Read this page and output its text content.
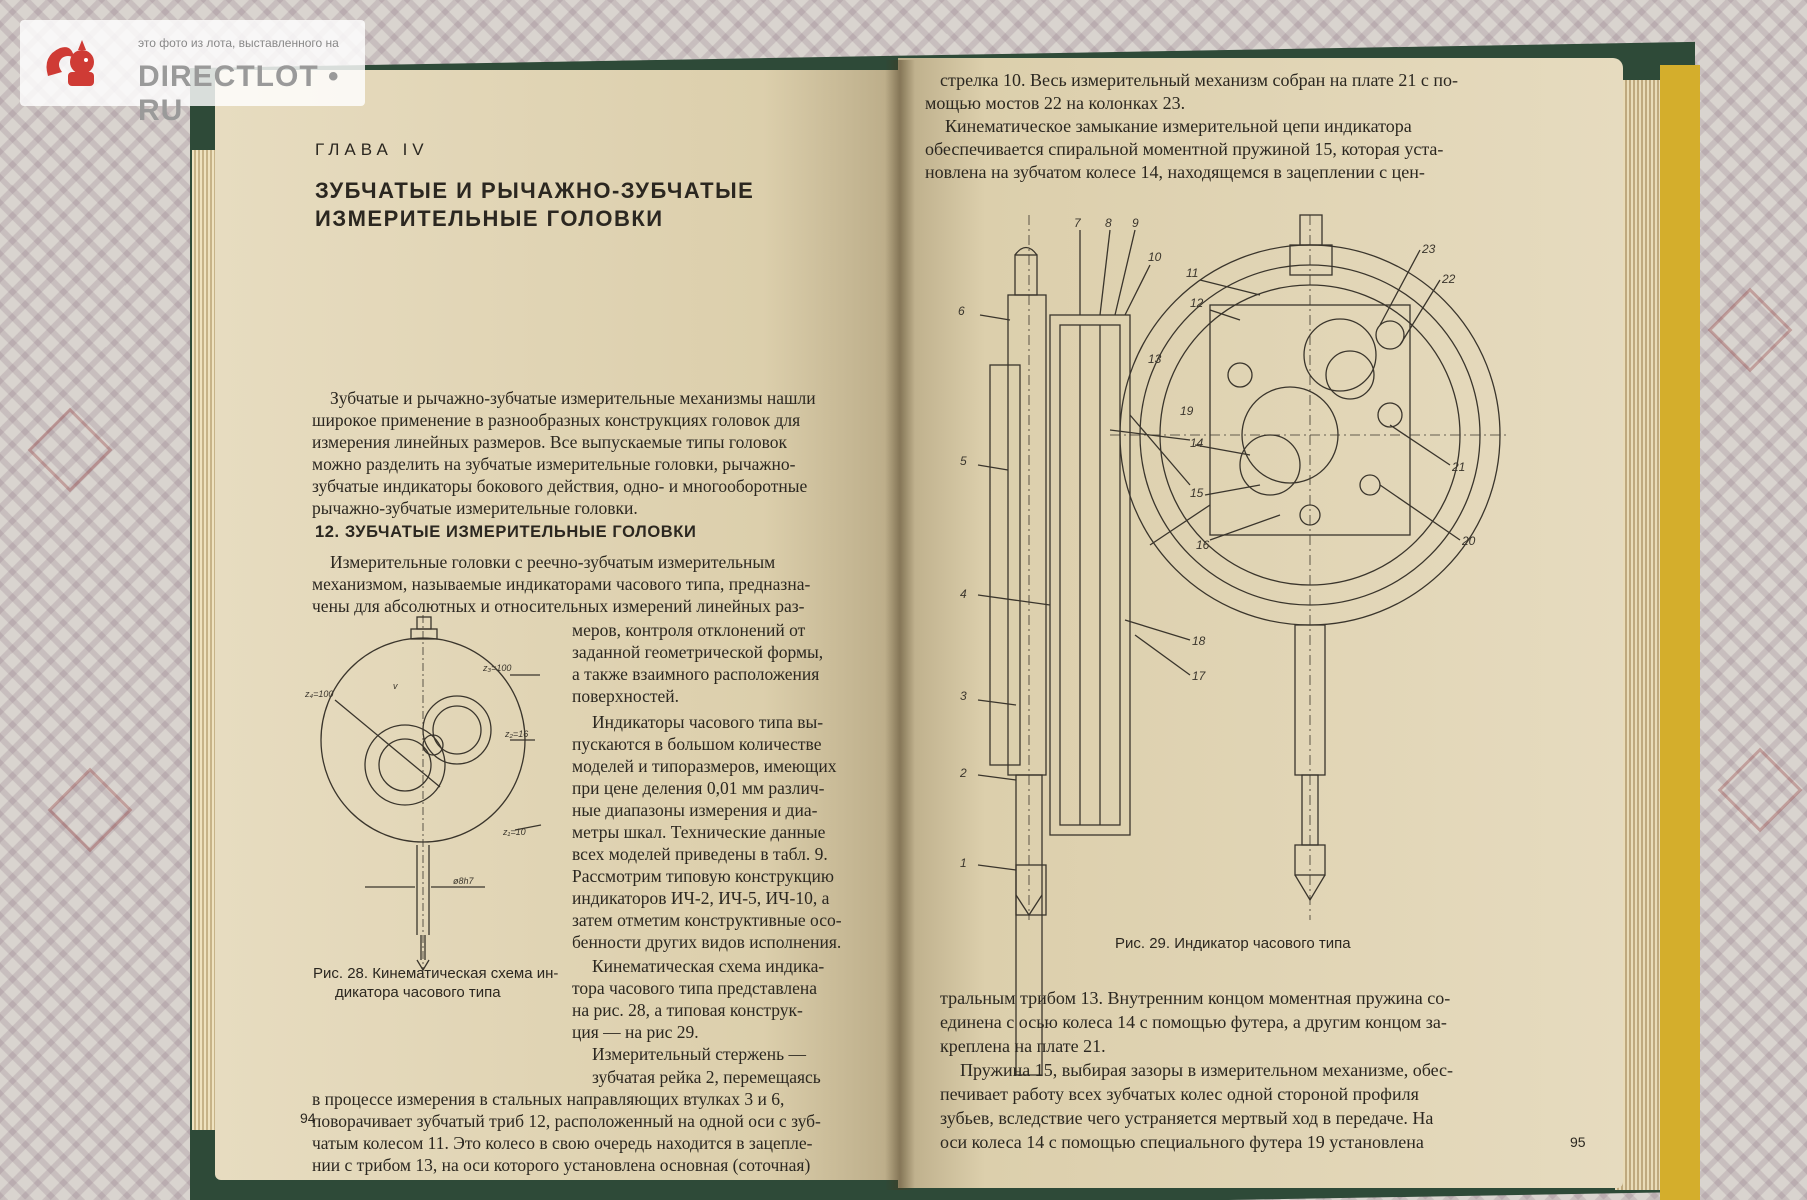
ГЛАВА IV
ЗУБЧАТЫЕ И РЫЧАЖНО-ЗУБЧАТЫЕ
ИЗМЕРИТЕЛЬНЫЕ ГОЛОВКИ
Зубчатые и рычажно-зубчатые измерительные механизмы нашли
широкое применение в разнообразных конструкциях головок для
измерения линейных размеров. Все выпускаемые типы головок
можно разделить на зубчатые измерительные головки, рычажно-
зубчатые индикаторы бокового действия, одно- и многооборотные
рычажно-зубчатые измерительные головки.
12. ЗУБЧАТЫЕ ИЗМЕРИТЕЛЬНЫЕ ГОЛОВКИ
Измерительные головки с реечно-зубчатым измерительным
механизмом, называемые индикаторами часового типа, предназна-
чены для абсолютных и относительных измерений линейных раз-
меров, контроля отклонений от
заданной геометрической формы,
а также взаимного расположения
поверхностей.
Индикаторы часового типа вы-
пускаются в большом количестве
моделей и типоразмеров, имеющих
при цене деления 0,01 мм различ-
ные диапазоны измерения и диа-
метры шкал. Технические данные
всех моделей приведены в табл. 9.
Рассмотрим типовую конструкцию
индикаторов ИЧ-2, ИЧ-5, ИЧ-10, а
затем отметим конструктивные осо-
бенности других видов исполнения.
Кинематическая схема индика-
тора часового типа представлена
на рис. 28, а типовая конструк-
ция — на рис 29.
Измерительный стержень —
z₃=100
z₄=100
z₂=16
z₁=10
v
ø8h7
Рис. 28. Кинематическая схема ин-
дикатора часового типа
зубчатая рейка 2, перемещаясь
в процессе измерения в стальных направляющих втулках 3 и 6,
поворачивает зубчатый триб 12, расположенный на одной оси с зуб-
чатым колесом 11. Это колесо в свою очередь находится в зацепле-
нии с трибом 13, на оси которого установлена основная (соточная)
94
стрелка 10. Весь измерительный механизм собран на плате 21 с по-
мощью мостов 22 на колонках 23.
Кинематическое замыкание измерительной цепи индикатора
обеспечивается спиральной моментной пружиной 15, которая уста-
новлена на зубчатом колесе 14, находящемся в зацеплении с цен-
6
5
4
3
2
1
7 8 9
10
11
12
13
14
15
16
17
18
19
20
21
22
23
Рис. 29. Индикатор часового типа
тральным трибом 13. Внутренним концом моментная пружина со-
единена с осью колеса 14 с помощью футера, а другим концом за-
креплена на плате 21.
Пружина 15, выбирая зазоры в измерительном механизме, обес-
печивает работу всех зубчатых колес одной стороной профиля
зубьев, вследствие чего устраняется мертвый ход в передаче. На
оси колеса 14 с помощью специального футера 19 установлена	95
это фото из лота, выставленного на
DIRECTLOT • RU
